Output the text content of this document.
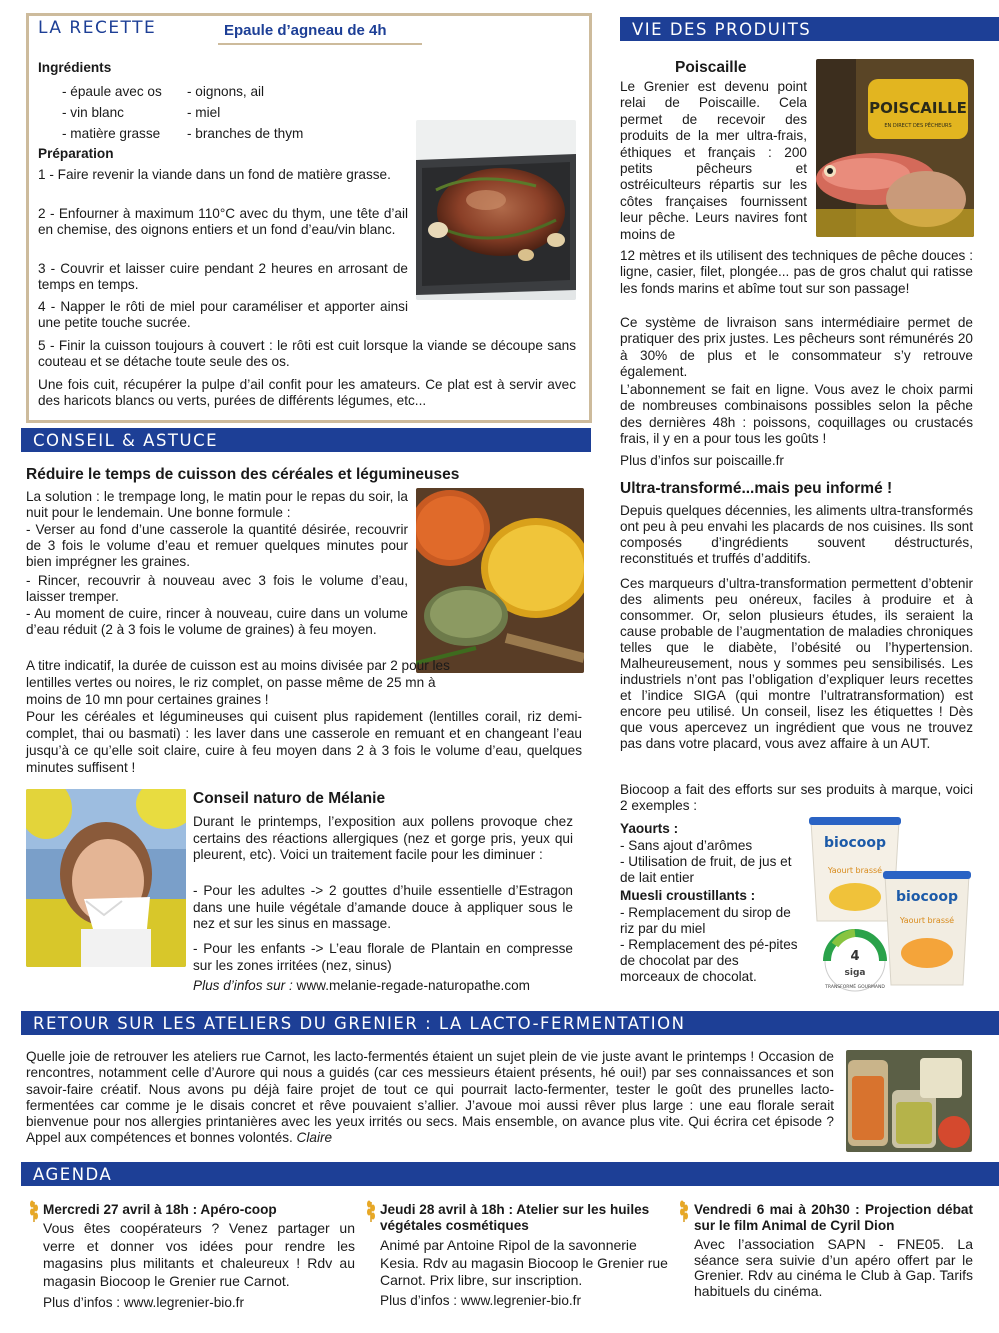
LA RECETTE	Epaule d’agneau de 4h
Ingrédients
- épaule avec os
- vin blanc
- matière grasse
- oignons, ail
- miel
- branches de thym
Préparation
1 - Faire revenir la viande dans un fond de matière grasse.
2 - Enfourner à maximum 110°C avec du thym, une tête d’ail en chemise, des oignons entiers et un fond d’eau/vin blanc.
3 - Couvrir et laisser cuire pendant 2 heures en arrosant de temps en temps.
4 - Napper le rôti de miel pour caraméliser et apporter ainsi une petite touche sucrée.
5 - Finir la cuisson toujours à couvert : le rôti est cuit lorsque la viande se découpe sans couteau et se détache toute seule des os.
Une fois cuit, récupérer la pulpe d’ail confit pour les amateurs. Ce plat est à servir avec des haricots blancs ou verts, purées de différents légumes, etc...
CONSEIL & ASTUCE
Réduire le temps de cuisson des céréales et légumineuses
La solution : le trempage long, le matin pour le repas du soir, la nuit pour le lendemain. Une bonne formule :
- Verser au fond d’une casserole la quantité désirée, recouvrir de 3 fois le volume d’eau et remuer quelques minutes pour bien imprégner les graines.
- Rincer, recouvrir à nouveau avec 3 fois le volume d’eau, laisser tremper.
- Au moment de cuire, rincer à nouveau, cuire dans un volume d’eau réduit (2 à 3 fois le volume de graines) à feu moyen.
A titre indicatif, la durée de cuisson est au moins divisée par 2 pour les lentilles vertes ou noires, le riz complet, on passe même de 25 mn à moins de 10 mn pour certaines graines !
Pour les céréales et légumineuses qui cuisent plus rapidement (lentilles corail, riz demi-complet, thai ou basmati) : les laver dans une casserole en remuant et en changeant l’eau jusqu’à ce qu’elle soit claire, cuire à feu moyen dans 2 à 3 fois le volume d’eau, quelques minutes suffisent !
Conseil naturo de Mélanie
Durant le printemps, l’exposition aux pollens provoque chez certains des réactions allergiques (nez et gorge pris, yeux qui pleurent, etc). Voici un traitement facile pour les diminuer :
- Pour les adultes -> 2 gouttes d’huile essentielle d’Estragon dans une huile végétale d’amande douce à appliquer sous le nez et sur les sinus en massage.
- Pour les enfants -> L’eau florale de Plantain en compresse sur les zones irritées (nez, sinus)
Plus d’infos sur : www.melanie-regade-naturopathe.com
VIE DES PRODUITS
Poiscaille
POISCAILLE
EN DIRECT DES PÊCHEURS
Le Grenier est devenu point relai de Poiscaille. Cela permet de recevoir des produits de la mer ultra-frais, éthiques et français : 200 petits pêcheurs et ostréiculteurs répartis sur les côtes françaises fournissent leur pêche. Leurs navires font moins de
12 mètres et ils utilisent des techniques de pêche douces : ligne, casier, filet, plongée... pas de gros chalut qui ratisse les fonds marins et abîme tout sur son passage!
Ce système de livraison sans intermédiaire permet de pratiquer des prix justes. Les pêcheurs sont rémunérés 20 à 30% de plus et le consommateur s’y retrouve également.
L’abonnement se fait en ligne. Vous avez le choix parmi de nombreuses combinaisons possibles selon la pêche des dernières 48h : poissons, coquillages ou crustacés frais, il y en a pour tous les goûts !
Plus d’infos sur poiscaille.fr
Ultra-transformé...mais peu informé !
Depuis quelques décennies, les aliments ultra-transformés ont peu à peu envahi les placards de nos cuisines. Ils sont composés d’ingrédients souvent déstructurés, reconstitués et truffés d’additifs.
Ces marqueurs d’ultra-transformation permettent d’obtenir des aliments peu onéreux, faciles à produire et à consommer. Or, selon plusieurs études, ils seraient la cause probable de l’augmentation de maladies chroniques telles que le diabète, l’obésité ou l’hypertension. Malheureusement, nous y sommes peu sensibilisés. Les industriels n’ont pas l’obligation d’expliquer leurs recettes et l’indice SIGA (qui montre l’ultratransformation) est encore peu utilisé. Un conseil, lisez les étiquettes ! Dès que vous apercevez un ingrédient que vous ne trouvez pas dans votre placard, vous avez affaire à un AUT.
Biocoop a fait des efforts sur ses produits à marque, voici 2 exemples :
Yaourts :
- Sans ajout d’arômes
- Utilisation de fruit, de jus et de lait entier
Muesli croustillants :
- Remplacement du sirop de riz par du miel
- Remplacement des pé-pites de chocolat par des morceaux de chocolat.
biocoop
Yaourt brassé
biocoop
Yaourt brassé
4
siga
TRANSFORMÉ GOURMAND
RETOUR SUR LES ATELIERS DU GRENIER : LA LACTO-FERMENTATION
Quelle joie de retrouver les ateliers rue Carnot, les lacto-fermentés étaient un sujet plein de vie juste avant le printemps ! Occasion de rencontres, notamment celle d’Aurore qui nous a guidés (car ces messieurs étaient présents, hé oui!) par ses connaissances et son savoir-faire créatif. Nous avons pu déjà faire projet de tout ce qui pourrait lacto-fermenter, tester le goût des prunelles lacto-fermentées car comme je le disais concret et rêve pouvaient s’allier. J’avoue moi aussi rêver plus large : une eau florale serait bienvenue pour nos allergies printanières avec les yeux irrités ou secs. Mais ensemble, on avance plus vite. Qui écrira cet épisode ? Appel aux compétences et bonnes volontés. Claire
AGENDA
Mercredi 27 avril à 18h : Apéro-coop
Vous êtes coopérateurs ? Venez partager un verre et donner vos idées pour rendre les magasins plus militants et chaleureux ! Rdv au magasin Biocoop le Grenier rue Carnot.
Plus d’infos : www.legrenier-bio.fr
Jeudi 28 avril à 18h : Atelier sur les huiles végétales cosmétiques
Animé par Antoine Ripol de la savonnerie Kesia. Rdv au magasin Biocoop le Grenier rue Carnot. Prix libre, sur inscription.
Plus d’infos : www.legrenier-bio.fr
Vendredi 6 mai à 20h30 : Projection débat sur le film Animal de Cyril Dion
Avec l’association SAPN - FNE05. La séance sera suivie d’un apéro offert par le Grenier. Rdv au cinéma le Club à Gap. Tarifs habituels du cinéma.
